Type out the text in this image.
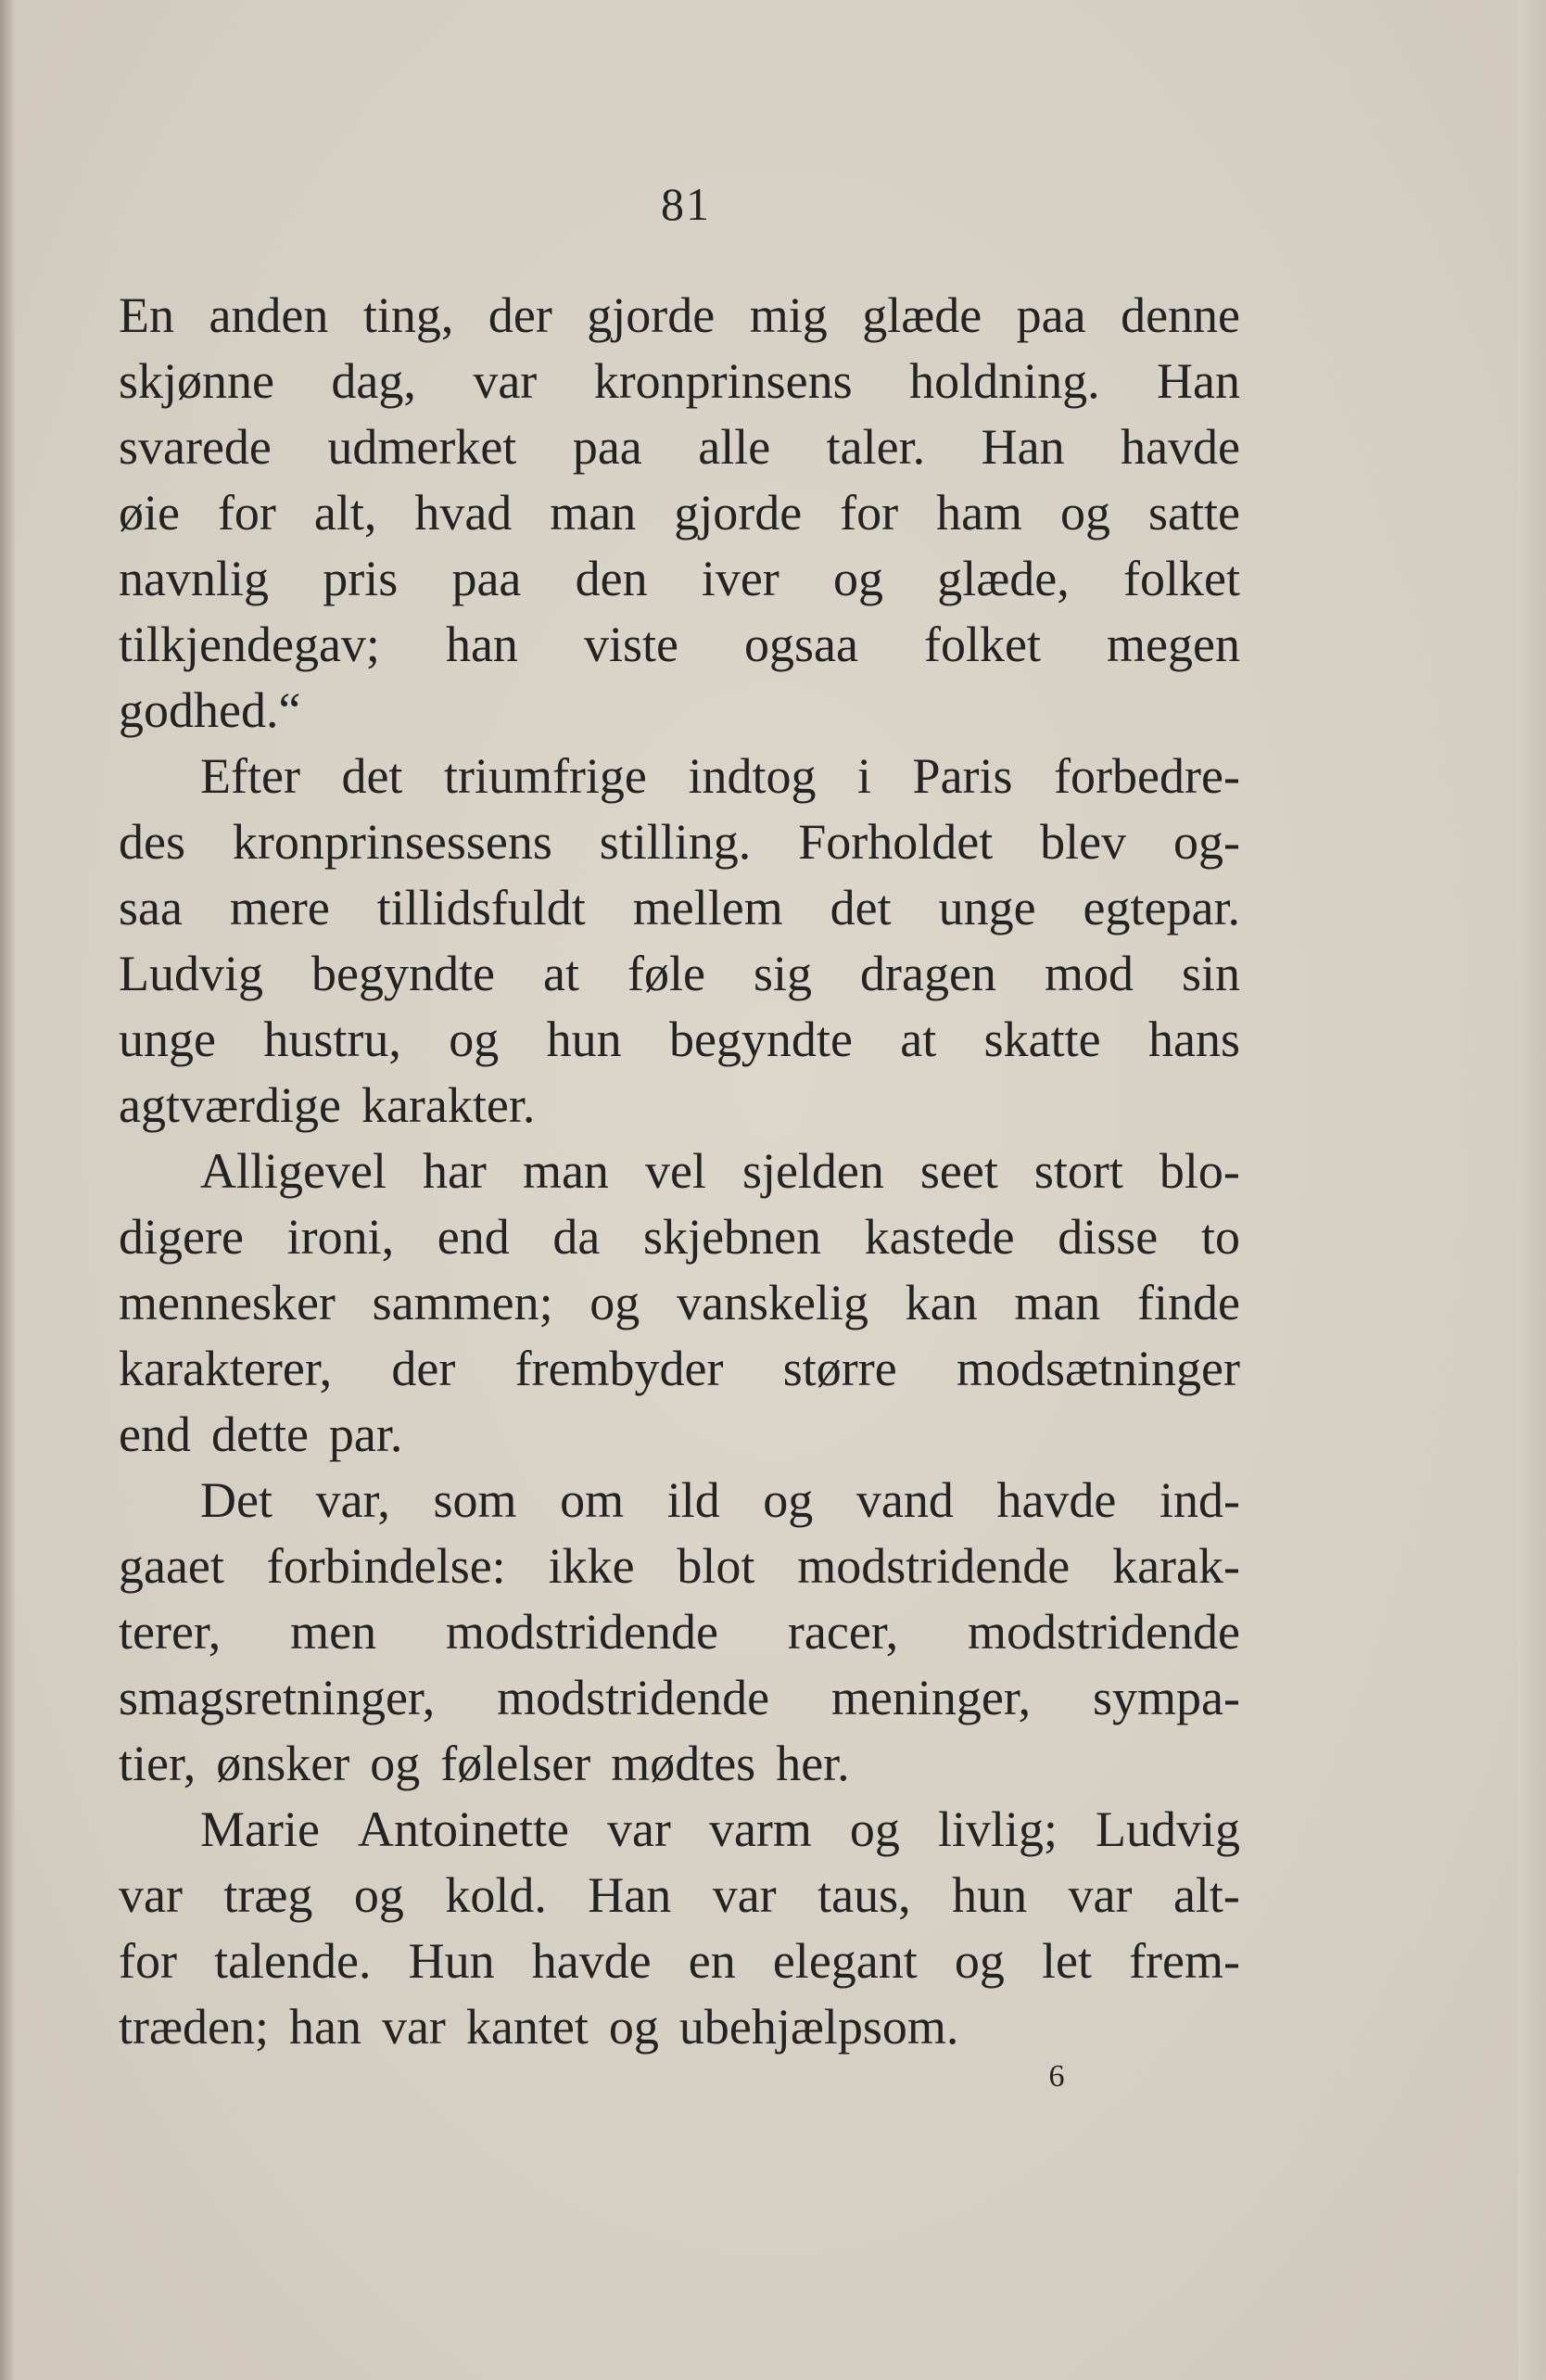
81
En anden ting, der gjorde mig glæde paa denne
skjønne dag, var kronprinsens holdning. Han
svarede udmerket paa alle taler. Han havde
øie for alt, hvad man gjorde for ham og satte
navnlig pris paa den iver og glæde, folket
tilkjendegav; han viste ogsaa folket megen
godhed.“
Efter det triumfrige indtog i Paris forbedre-
des kronprinsessens stilling. Forholdet blev og-
saa mere tillidsfuldt mellem det unge egtepar.
Ludvig begyndte at føle sig dragen mod sin
unge hustru, og hun begyndte at skatte hans
agtværdige karakter.
Alligevel har man vel sjelden seet stort blo-
digere ironi, end da skjebnen kastede disse to
mennesker sammen; og vanskelig kan man finde
karakterer, der frembyder større modsætninger
end dette par.
Det var, som om ild og vand havde ind-
gaaet forbindelse: ikke blot modstridende karak-
terer, men modstridende racer, modstridende
smagsretninger, modstridende meninger, sympa-
tier, ønsker og følelser mødtes her.
Marie Antoinette var varm og livlig; Ludvig
var træg og kold. Han var taus, hun var alt-
for talende. Hun havde en elegant og let frem-
træden; han var kantet og ubehjælpsom.
6
